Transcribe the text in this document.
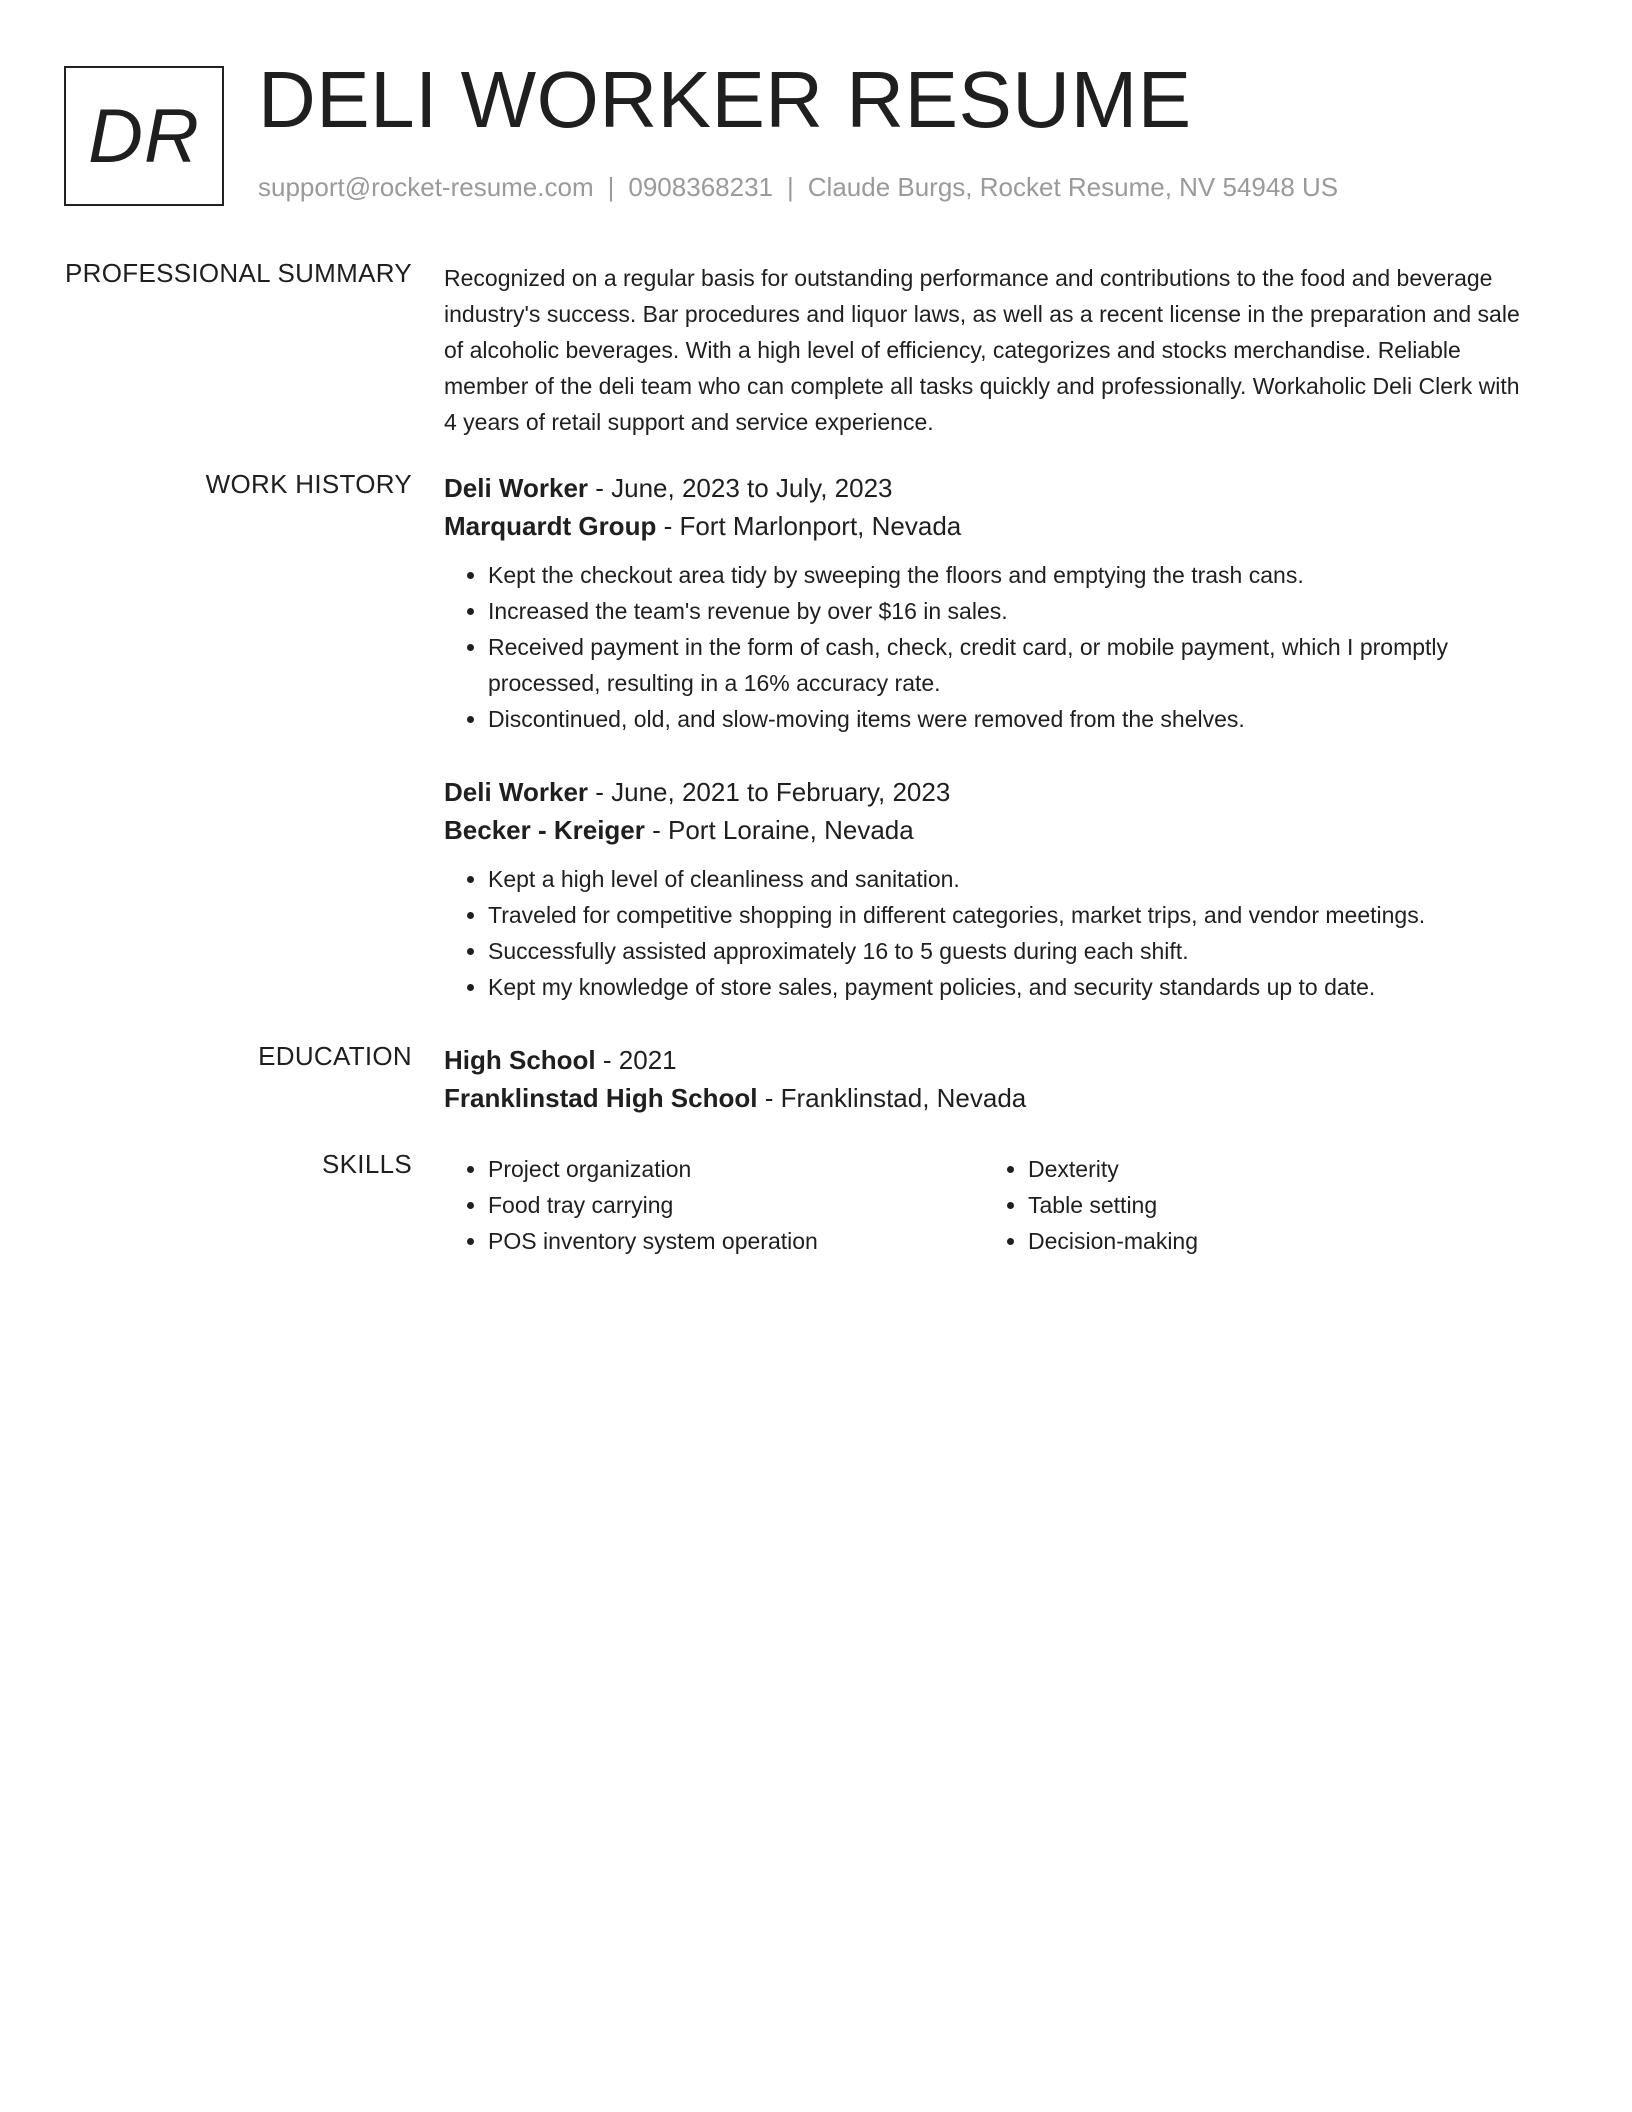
DR DELI WORKER RESUME
support@rocket-resume.com | 0908368231 | Claude Burgs, Rocket Resume, NV 54948 US
PROFESSIONAL SUMMARY Recognized on a regular basis for outstanding performance and contributions to the food and beverage industry's success. Bar procedures and liquor laws, as well as a recent license in the preparation and sale of alcoholic beverages. With a high level of efficiency, categorizes and stocks merchandise. Reliable member of the deli team who can complete all tasks quickly and professionally. Workaholic Deli Clerk with 4 years of retail support and service experience.

WORK HISTORY Deli Worker - June, 2023 to July, 2023
Marquardt Group - Fort Marlonport, Nevada
• Kept the checkout area tidy by sweeping the floors and emptying the trash cans.
• Increased the team's revenue by over $16 in sales.
• Received payment in the form of cash, check, credit card, or mobile payment, which I promptly processed, resulting in a 16% accuracy rate.
• Discontinued, old, and slow-moving items were removed from the shelves.
Deli Worker - June, 2021 to February, 2023
Becker - Kreiger - Port Loraine, Nevada
• Kept a high level of cleanliness and sanitation.
• Traveled for competitive shopping in different categories, market trips, and vendor meetings.
• Successfully assisted approximately 16 to 5 guests during each shift.
• Kept my knowledge of store sales, payment policies, and security standards up to date.
EDUCATION High School - 2021
Franklinstad High School - Franklinstad, Nevada
SKILLS
•	Project organization
• Food tray carrying
• POS inventory system operation
• Dexterity
• Table setting
• Decision-making
